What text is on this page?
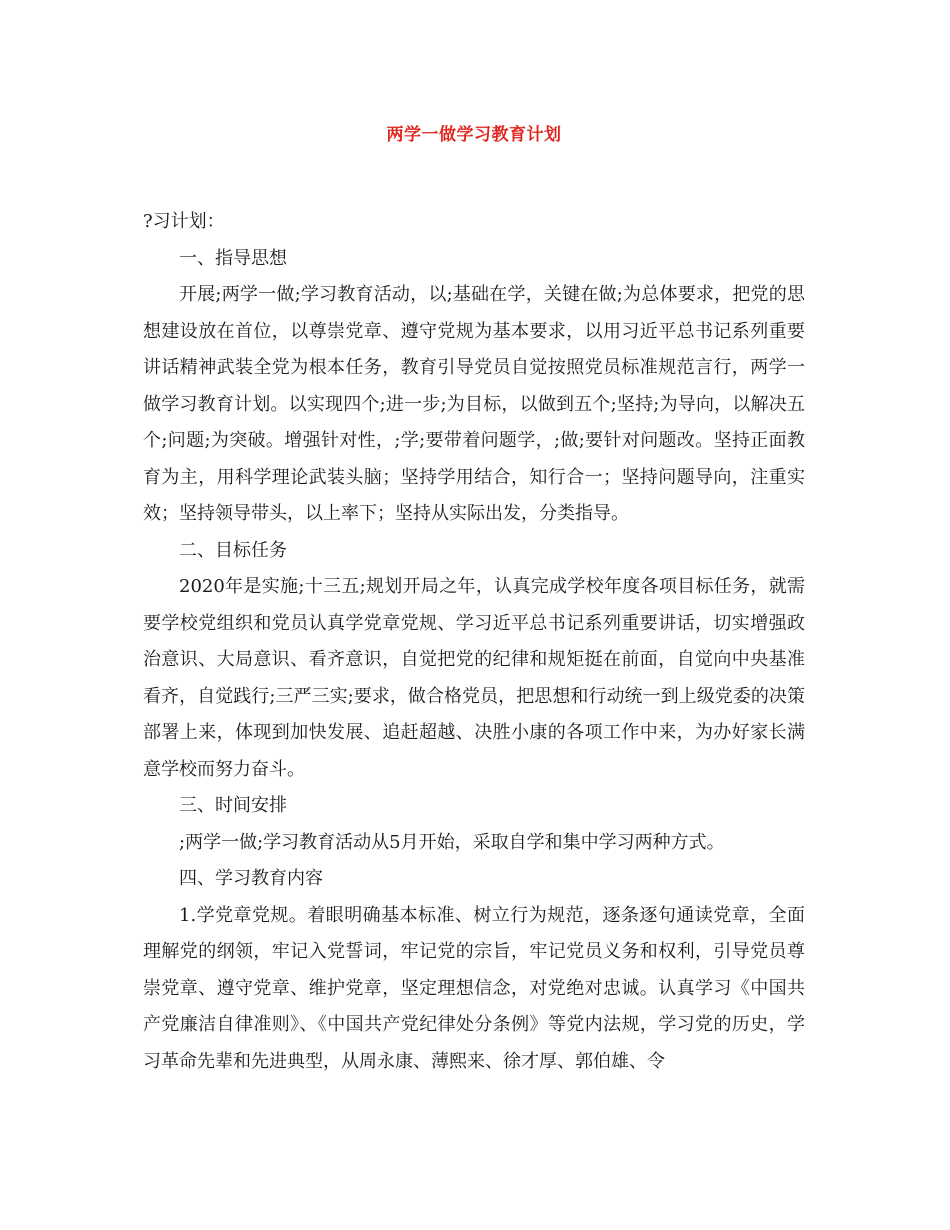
两学一做学习教育计划

?习计划：

一、指导思想

开展;两学一做;学习教育活动，以;基础在学，关键在做;为总体要求，把党的思想建设放在首位，以尊崇党章、遵守党规为基本要求，以用习近平总书记系列重要讲话精神武装全党为根本任务，教育引导党员自觉按照党员标准规范言行，两学一做学习教育计划。以实现四个;进一步;为目标，以做到五个;坚持;为导向，以解决五个;问题;为突破。增强针对性，;学;要带着问题学，;做;要针对问题改。坚持正面教育为主，用科学理论武装头脑；坚持学用结合，知行合一；坚持问题导向，注重实效；坚持领导带头，以上率下；坚持从实际出发，分类指导。

二、目标任务

2020年是实施;十三五;规划开局之年，认真完成学校年度各项目标任务，就需要学校党组织和党员认真学党章党规、学习近平总书记系列重要讲话，切实增强政治意识、大局意识、看齐意识，自觉把党的纪律和规矩挺在前面，自觉向中央基准看齐，自觉践行;三严三实;要求，做合格党员，把思想和行动统一到上级党委的决策部署上来，体现到加快发展、追赶超越、决胜小康的各项工作中来，为办好家长满意学校而努力奋斗。

三、时间安排

;两学一做;学习教育活动从5月开始，采取自学和集中学习两种方式。

四、学习教育内容

1.学党章党规。着眼明确基本标准、树立行为规范，逐条逐句通读党章，全面理解党的纲领，牢记入党誓词，牢记党的宗旨，牢记党员义务和权利，引导党员尊崇党章、遵守党章、维护党章，坚定理想信念，对党绝对忠诚。认真学习《中国共产党廉洁自律准则》、《中国共产党纪律处分条例》等党内法规，学习党的历史，学习革命先辈和先进典型，从周永康、薄熙来、徐才厚、郭伯雄、令
